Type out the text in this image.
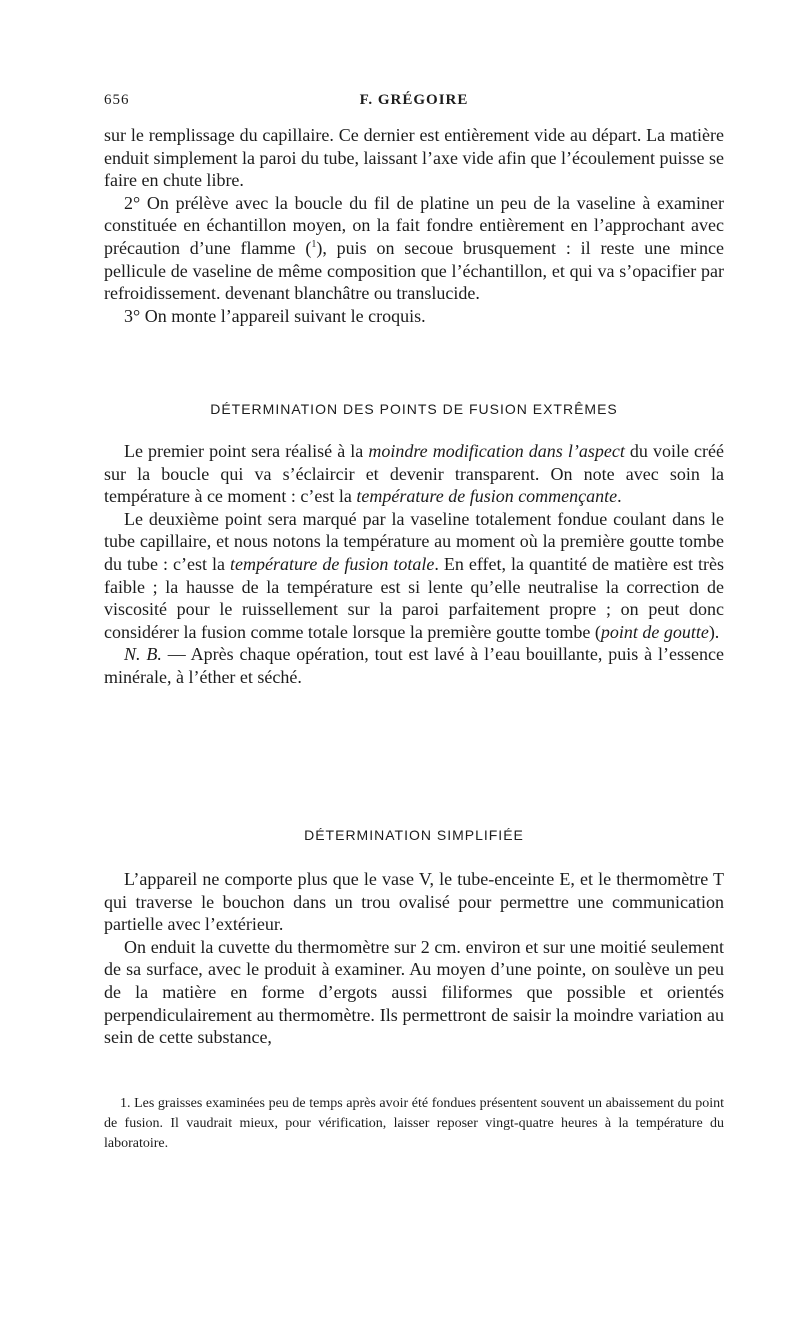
656	F. GRÉGOIRE

sur le remplissage du capillaire. Ce dernier est entièrement vide au départ. La matière enduit simplement la paroi du tube, laissant l’axe vide afin que l’écoulement puisse se faire en chute libre.

2° On prélève avec la boucle du fil de platine un peu de la vaseline à examiner constituée en échantillon moyen, on la fait fondre entièrement en l’approchant avec précaution d’une flamme ($^1$), puis on secoue brusquement : il reste une mince pellicule de vaseline de même composition que l’échantillon, et qui va s’opacifier par refroidissement. devenant blanchâtre ou translucide.

3° On monte l’appareil suivant le croquis.

DÉTERMINATION DES POINTS DE FUSION EXTRÊMES

Le premier point sera réalisé à la moindre modification dans l’aspect du voile créé sur la boucle qui va s’éclaircir et devenir transparent. On note avec soin la température à ce moment : c’est la température de fusion commençante.

Le deuxième point sera marqué par la vaseline totalement fondue coulant dans le tube capillaire, et nous notons la température au moment où la première goutte tombe du tube : c’est la température de fusion totale. En effet, la quantité de matière est très faible ; la hausse de la température est si lente qu’elle neutralise la correction de viscosité pour le ruissellement sur la paroi parfaitement propre ; on peut donc considérer la fusion comme totale lorsque la première goutte tombe (point de goutte).

N. B. — Après chaque opération, tout est lavé à l’eau bouillante, puis à l’essence minérale, à l’éther et séché.

DÉTERMINATION SIMPLIFIÉE

L’appareil ne comporte plus que le vase V, le tube-enceinte E, et le thermomètre T qui traverse le bouchon dans un trou ovalisé pour permettre une communication partielle avec l’extérieur.

On enduit la cuvette du thermomètre sur 2 cm. environ et sur une moitié seulement de sa surface, avec le produit à examiner. Au moyen d’une pointe, on soulève un peu de la matière en forme d’ergots aussi filiformes que possible et orientés perpendiculairement au thermomètre. Ils permettront de saisir la moindre variation au sein de cette substance,

1. Les graisses examinées peu de temps après avoir été fondues présentent souvent un abaissement du point de fusion. Il vaudrait mieux, pour vérification, laisser reposer vingt-quatre heures à la température du laboratoire.
